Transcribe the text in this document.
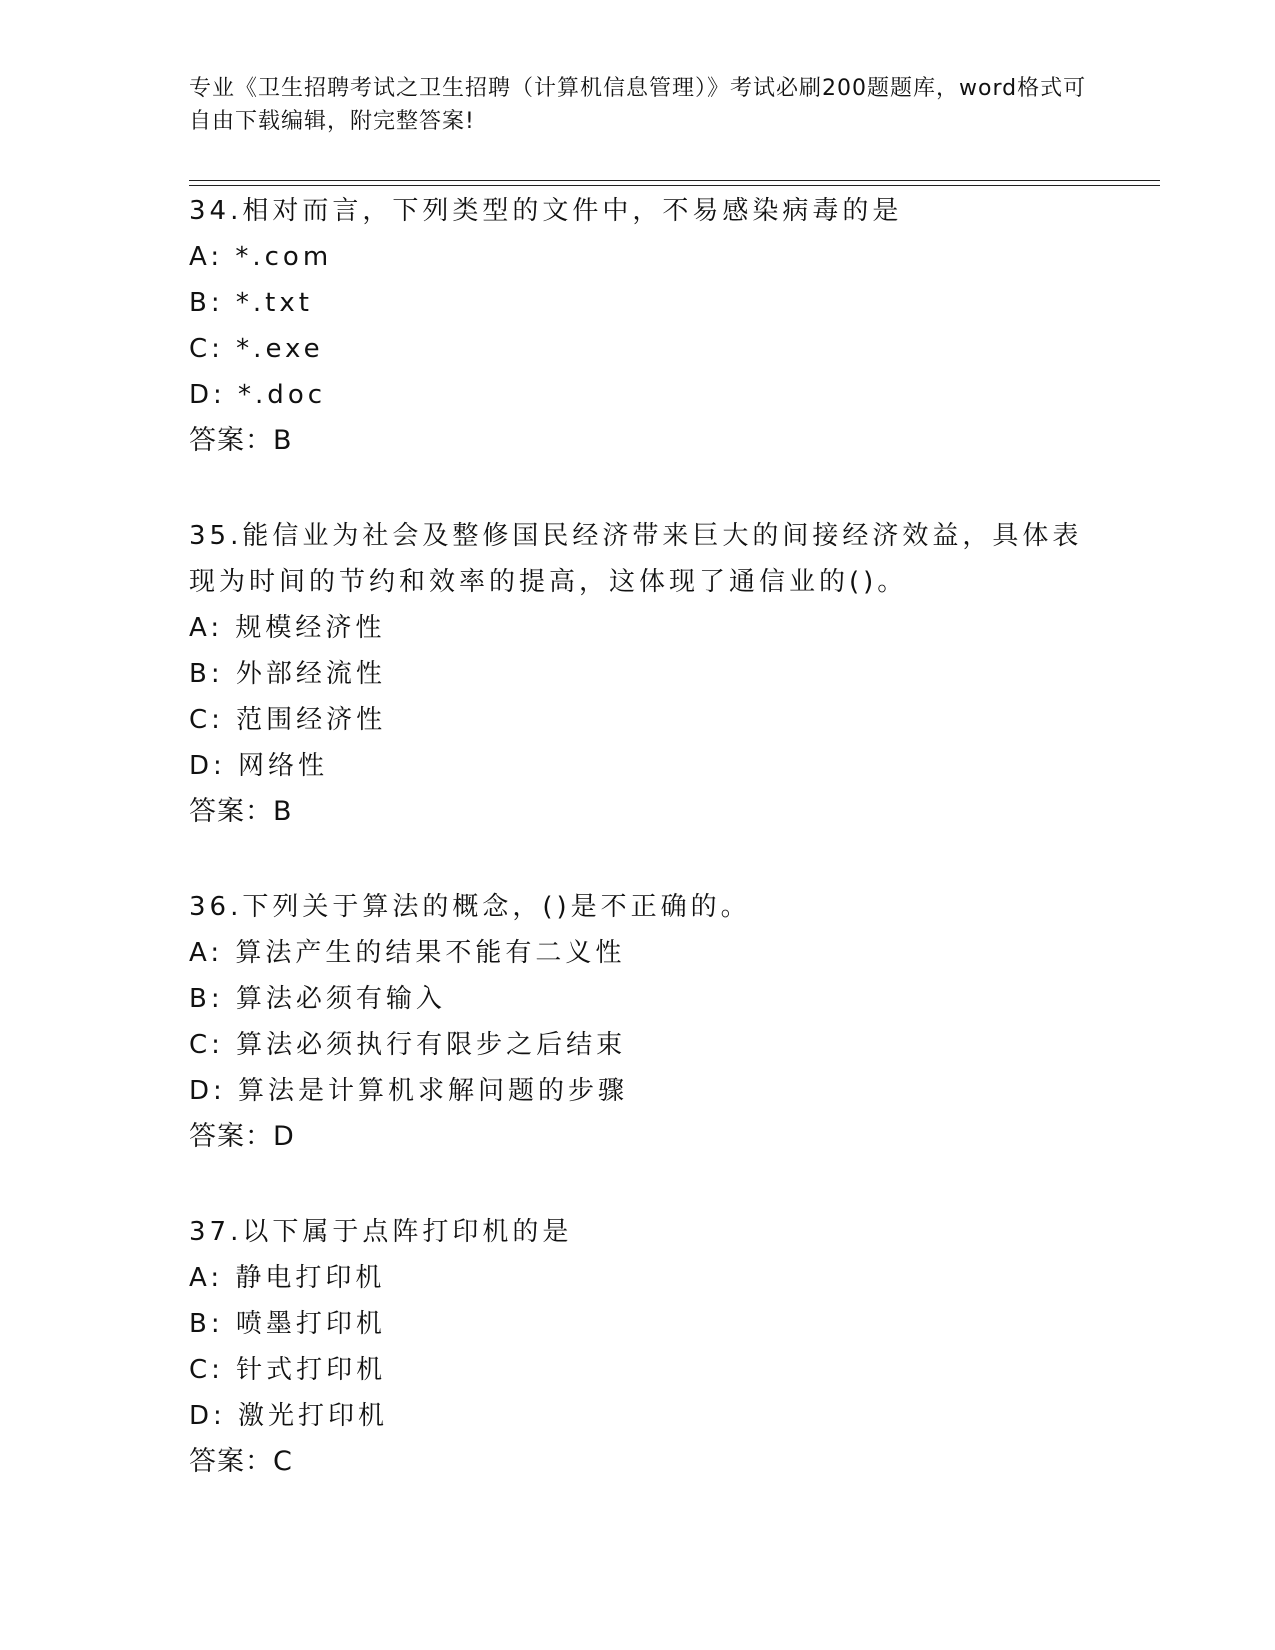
专业《卫生招聘考试之卫生招聘（计算机信息管理）》考试必刷200题题库，word格式可自由下载编辑，附完整答案!
34.相对而言，下列类型的文件中，不易感染病毒的是
A: *.com
B: *.txt
C: *.exe
D: *.doc
答案：B
35.能信业为社会及整修国民经济带来巨大的间接经济效益，具体表现为时间的节约和效率的提高，这体现了通信业的()。
A: 规模经济性
B: 外部经流性
C: 范围经济性
D: 网络性
答案：B
36.下列关于算法的概念，()是不正确的。
A: 算法产生的结果不能有二义性
B: 算法必须有输入
C: 算法必须执行有限步之后结束
D: 算法是计算机求解问题的步骤
答案：D
37.以下属于点阵打印机的是
A: 静电打印机
B: 喷墨打印机
C: 针式打印机
D: 激光打印机
答案：C
